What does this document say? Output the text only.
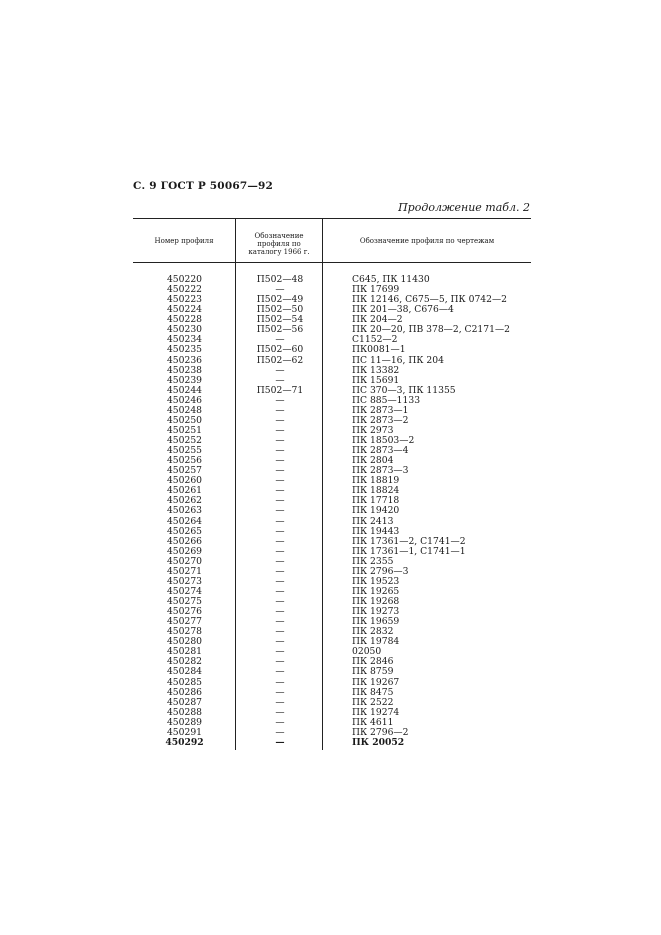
С. 9 ГОСТ Р 50067—92
Продолжение табл. 2
Номер профиля
Обозначение профиля по каталогу 1966 г.
Обозначение профиля по чертежам
450220	П502—48	С645, ПК 11430
450222	—	ПК 17699
450223	П502—49	ПК 12146, С675—5, ПК 0742—2
450224	П502—50	ПК 201—38, С676—4
450228	П502—54	ПК 204—2
450230	П502—56	ПК 20—20, ПВ 378—2, С2171—2
450234	—	С1152—2
450235	П502—60	ПК0081—1
450236	П502—62	ПС 11—16, ПК 204
450238	—	ПК 13382
450239	—	ПК 15691
450244	П502—71	ПС 370—3, ПК 11355
450246	—	ПС 885—1133
450248	—	ПК 2873—1
450250	—	ПК 2873—2
450251	—	ПК 2973
450252	—	ПК 18503—2
450255	—	ПК 2873—4
450256	—	ПК 2804
450257	—	ПК 2873—3
450260	—	ПК 18819
450261	—	ПК 18824
450262	—	ПК 17718
450263	—	ПК 19420
450264	—	ПК 2413
450265	—	ПК 19443
450266	—	ПК 17361—2, С1741—2
450269	—	ПК 17361—1, С1741—1
450270	—	ПК 2355
450271	—	ПК 2796—3
450273	—	ПК 19523
450274	—	ПК 19265
450275	—	ПК 19268
450276	—	ПК 19273
450277	—	ПК 19659
450278	—	ПК 2832
450280	—	ПК 19784
450281	—	02050
450282	—	ПК 2846
450284	—	ПК 8759
450285	—	ПК 19267
450286	—	ПК 8475
450287	—	ПК 2522
450288	—	ПК 19274
450289	—	ПК 4611
450291	—	ПК 2796—2
450292	—	ПК 20052
